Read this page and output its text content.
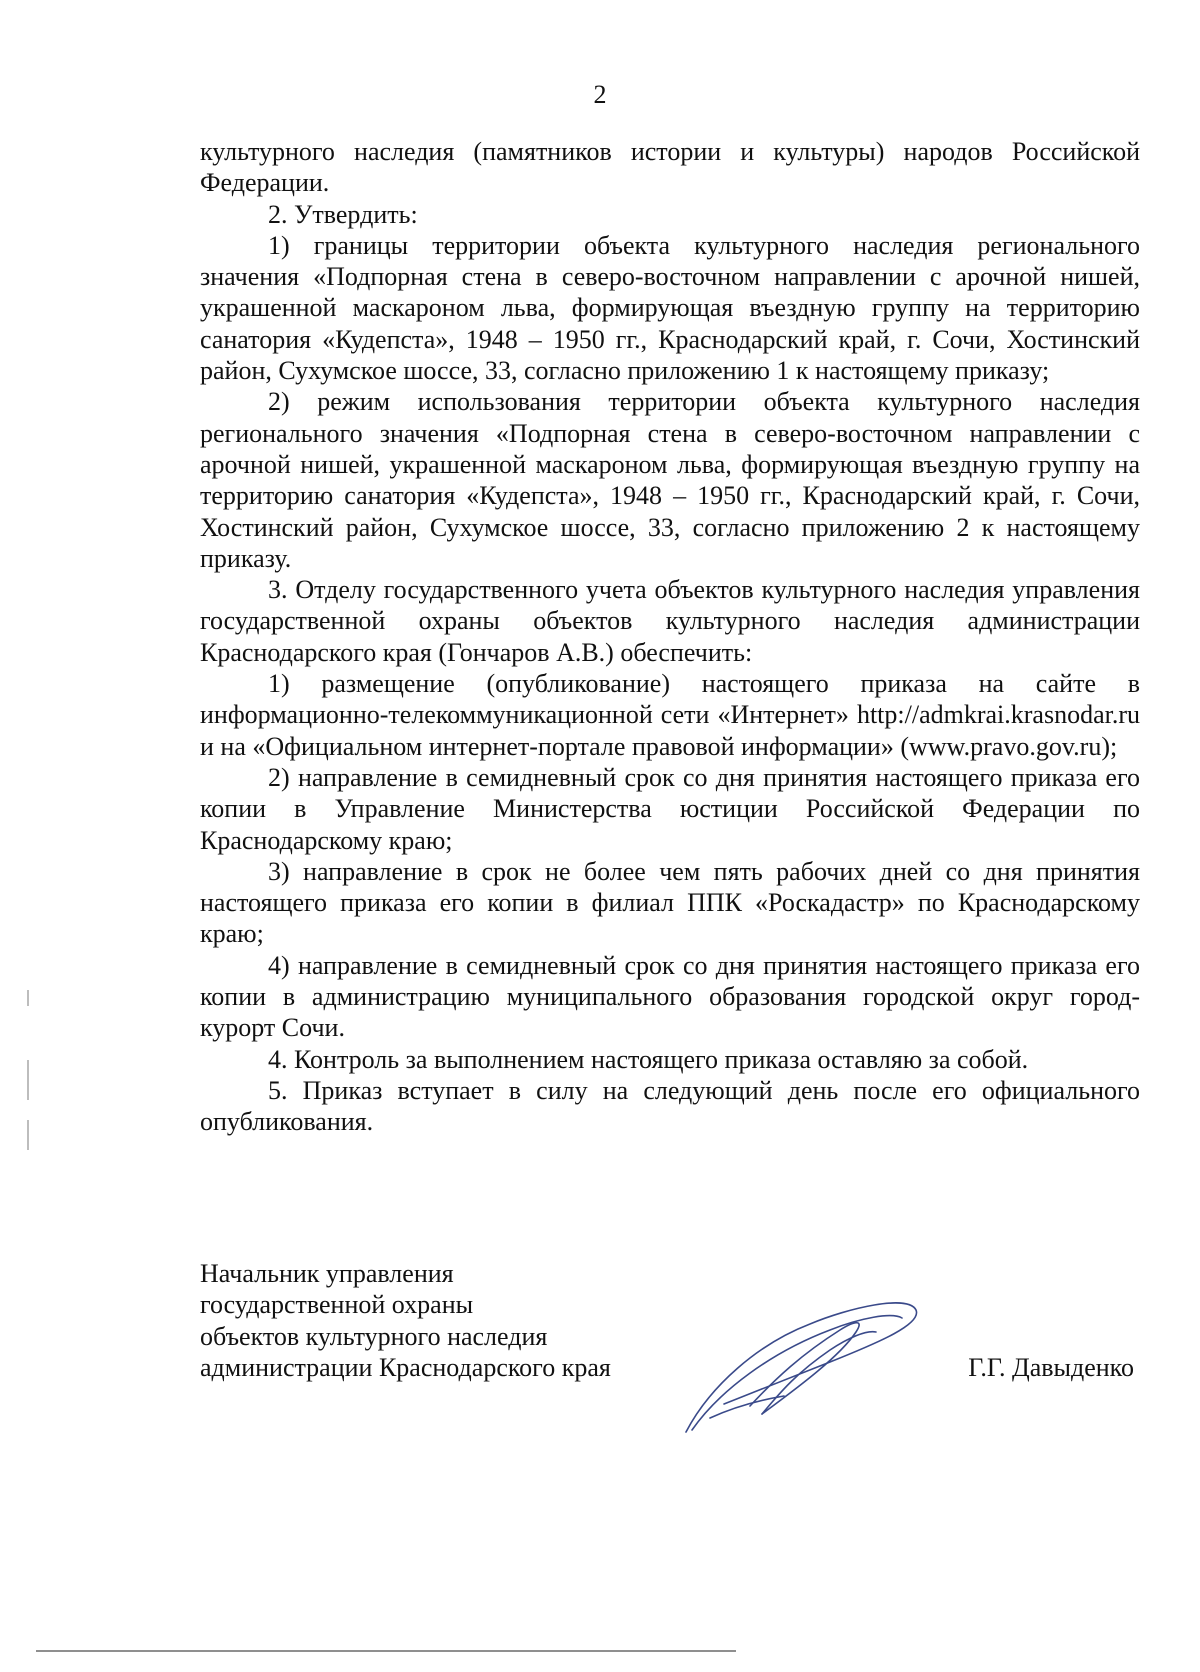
2

культурного наследия (памятников истории и культуры) народов Российской Федерации.

2. Утвердить:

1) границы территории объекта культурного наследия регионального значения «Подпорная стена в северо-восточном направлении с арочной нишей, украшенной маскароном льва, формирующая въездную группу на территорию санатория «Кудепста», 1948 – 1950 гг., Краснодарский край, г. Сочи, Хостинский район, Сухумское шоссе, 33, согласно приложению 1 к настоящему приказу;

2) режим использования территории объекта культурного наследия регионального значения «Подпорная стена в северо-восточном направлении с арочной нишей, украшенной маскароном льва, формирующая въездную группу на территорию санатория «Кудепста», 1948 – 1950 гг., Краснодарский край, г. Сочи, Хостинский район, Сухумское шоссе, 33, согласно приложению 2 к настоящему приказу.

3. Отделу государственного учета объектов культурного наследия управления государственной охраны объектов культурного наследия администрации Краснодарского края (Гончаров А.В.) обеспечить:

1) размещение (опубликование) настоящего приказа на сайте в информационно-телекоммуникационной сети «Интернет» http://admkrai.krasnodar.ru и на «Официальном интернет-портале правовой информации» (www.pravo.gov.ru);

2) направление в семидневный срок со дня принятия настоящего приказа его копии в Управление Министерства юстиции Российской Федерации по Краснодарскому краю;

3) направление в срок не более чем пять рабочих дней со дня принятия настоящего приказа его копии в филиал ППК «Роскадастр» по Краснодарскому краю;

4) направление в семидневный срок со дня принятия настоящего приказа его копии в администрацию муниципального образования городской округ город-курорт Сочи.

4. Контроль за выполнением настоящего приказа оставляю за собой.

5. Приказ вступает в силу на следующий день после его официального опубликования.

Начальник управления
государственной охраны
объектов культурного наследия
администрации Краснодарского края	Г.Г. Давыденко
